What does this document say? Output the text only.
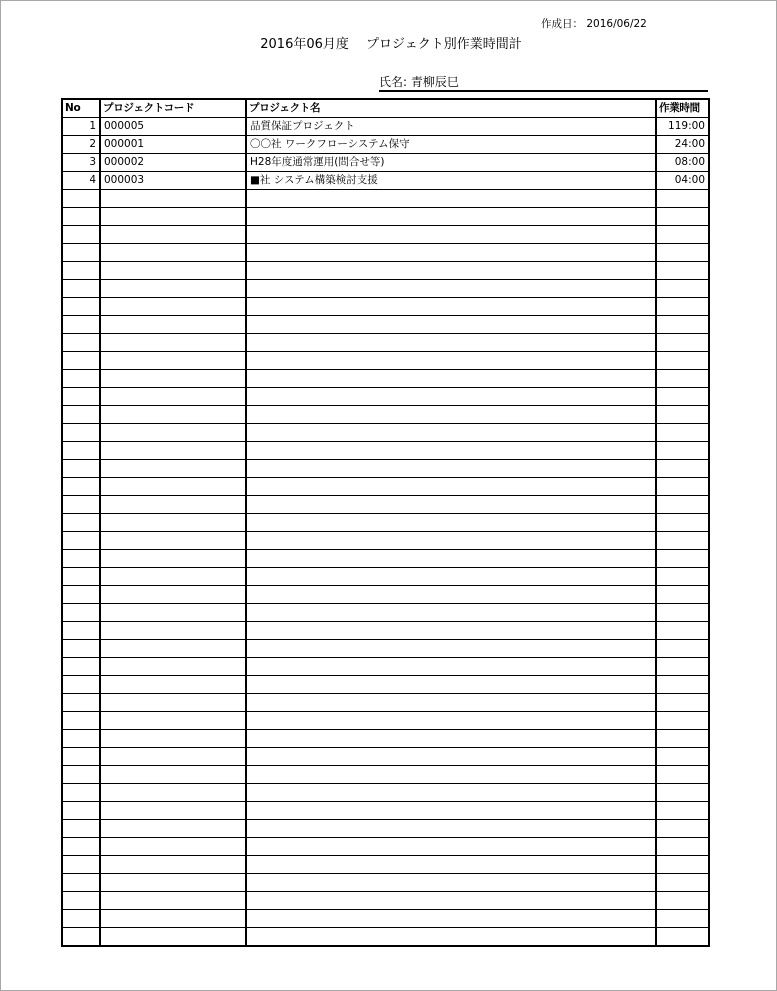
作成日： 2016/06/22
2016年06月度　 プロジェクト別作業時間計
氏名: 青柳辰巳
No	プロジェクトコード	プロジェクト名	作業時間
1	000005	品質保証プロジェクト	119:00
2	000001	〇〇社 ワークフローシステム保守	24:00
3	000002	H28年度通常運用(問合せ等)	08:00
4	000003	■社 システム構築検討支援	04:00
